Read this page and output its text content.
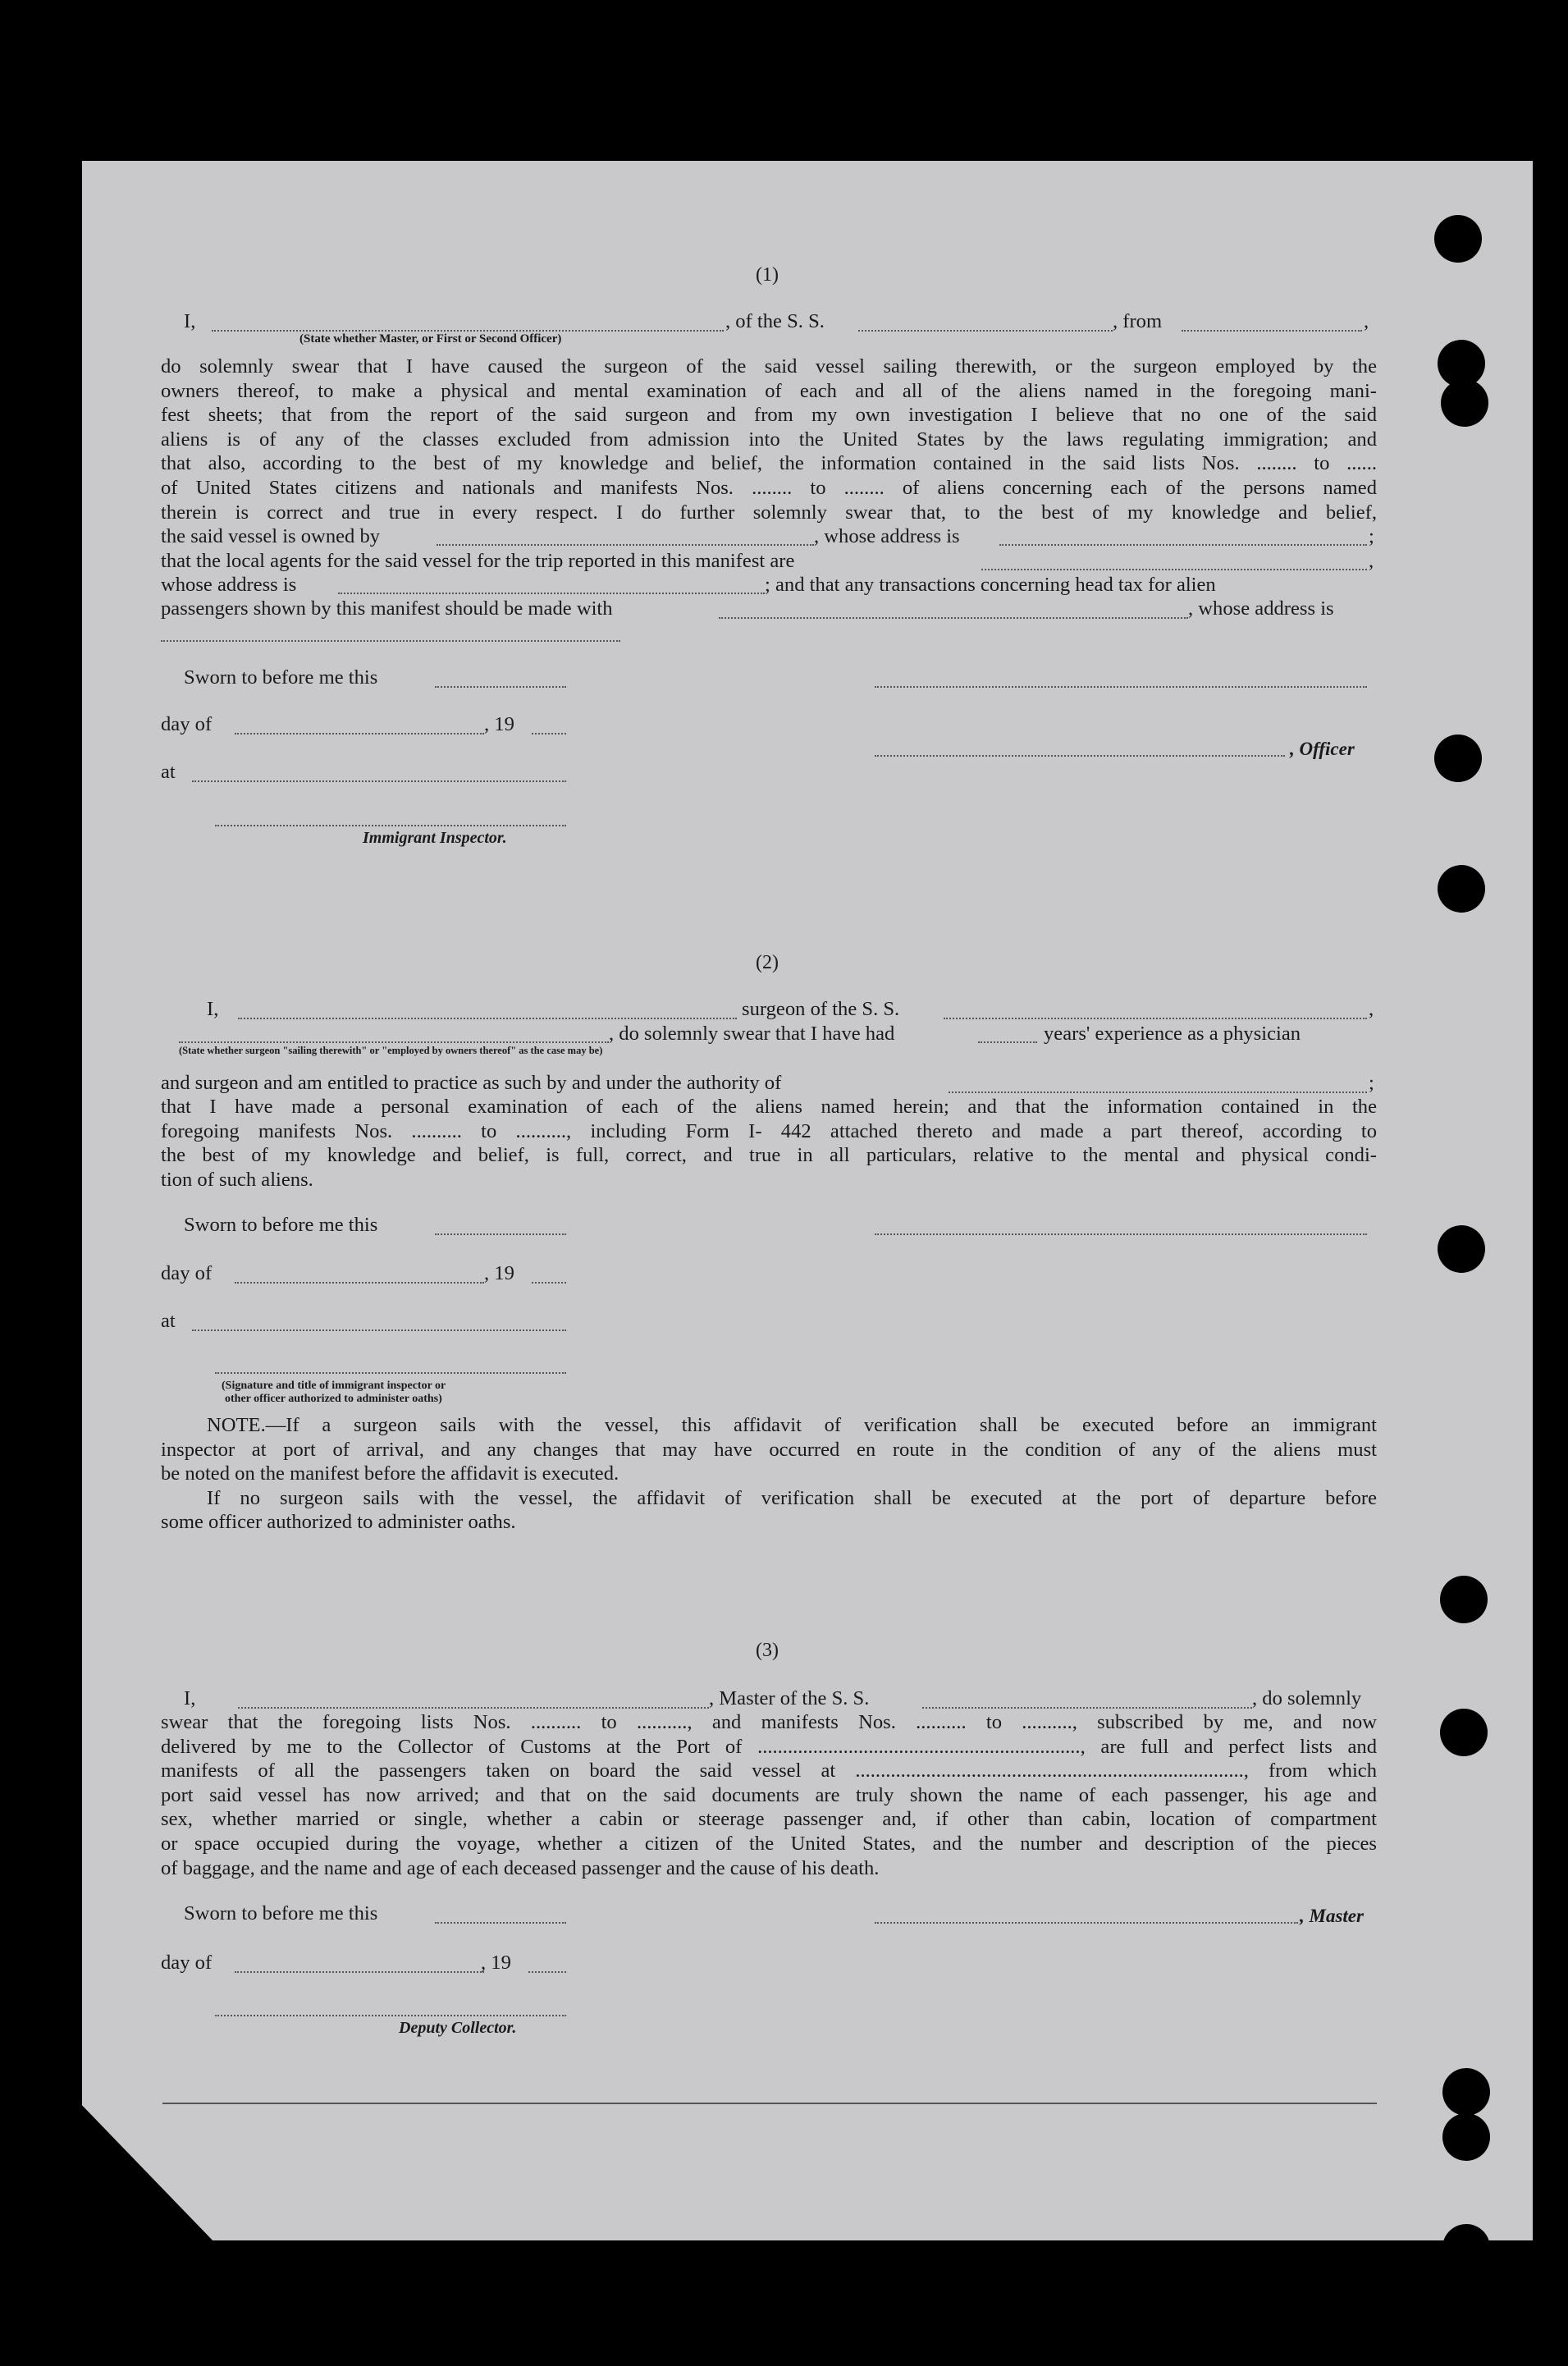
(1)
I,	, of the S. S.	, from	,
(State whether Master, or First or Second Officer)
do solemnly swear that I have caused the surgeon of the said vessel sailing therewith, or the surgeon employed by the
owners thereof, to make a physical and mental examination of each and all of the aliens named in the foregoing mani-
fest sheets; that from the report of the said surgeon and from my own investigation I believe that no one of the said
aliens is of any of the classes excluded from admission into the United States by the laws regulating immigration; and
that also, according to the best of my knowledge and belief, the information contained in the said lists Nos. ........ to ......
of United States citizens and nationals and manifests Nos. ........ to ........ of aliens concerning each of the persons named
therein is correct and true in every respect. I do further solemnly swear that, to the best of my knowledge and belief,
the said vessel is owned by	, whose address is	;
that the local agents for the said vessel for the trip reported in this manifest are	,
whose address is	; and that any transactions concerning head tax for alien
passengers shown by this manifest should be made with	, whose address is
Sworn to before me this
day of	, 19
, Officer
at
Immigrant Inspector.
(2)
I,	surgeon of the S. S.	,
, do solemnly swear that I have had	years' experience as a physician
(State whether surgeon "sailing therewith" or "employed by owners thereof" as the case may be)
and surgeon and am entitled to practice as such by and under the authority of	;
that I have made a personal examination of each of the aliens named herein; and that the information contained in the
foregoing manifests Nos. .......... to .........., including Form I- 442 attached thereto and made a part thereof, according to
the best of my knowledge and belief, is full, correct, and true in all particulars, relative to the mental and physical condi-
tion of such aliens.
Sworn to before me this
day of	, 19
at
(Signature and title of immigrant inspector or
other officer authorized to administer oaths)
NOTE.—If a surgeon sails with the vessel, this affidavit of verification shall be executed before an immigrant
inspector at port of arrival, and any changes that may have occurred en route in the condition of any of the aliens must
be noted on the manifest before the affidavit is executed.
If no surgeon sails with the vessel, the affidavit of verification shall be executed at the port of departure before
some officer authorized to administer oaths.
(3)
I,	, Master of the S. S.	, do solemnly
swear that the foregoing lists Nos. .......... to .........., and manifests Nos. .......... to .........., subscribed by me, and now
delivered by me to the Collector of Customs at the Port of ................................................................, are full and perfect lists and
manifests of all the passengers taken on board the said vessel at ............................................................................., from which
port said vessel has now arrived; and that on the said documents are truly shown the name of each passenger, his age and
sex, whether married or single, whether a cabin or steerage passenger and, if other than cabin, location of compartment
or space occupied during the voyage, whether a citizen of the United States, and the number and description of the pieces
of baggage, and the name and age of each deceased passenger and the cause of his death.
Sworn to before me this	, Master
day of	, 19
Deputy Collector.
